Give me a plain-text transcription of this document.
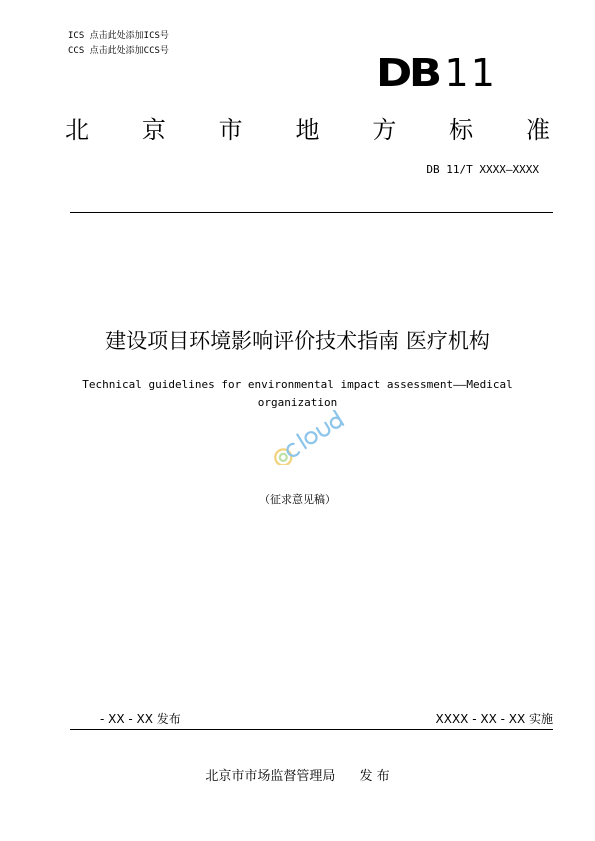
ICS 点击此处添加ICS号
CCS 点击此处添加CCS号	DB 11
北 京 市 地 方 标 准
DB 11/T XXXX—XXXX
建设项目环境影响评价技术指南 医疗机构
Technical guidelines for environmental impact assessment——Medical
organization
（征求意见稿）
- XX - XX 发布	XXXX - XX - XX 实施
北京市市场监督管理局 发 布
